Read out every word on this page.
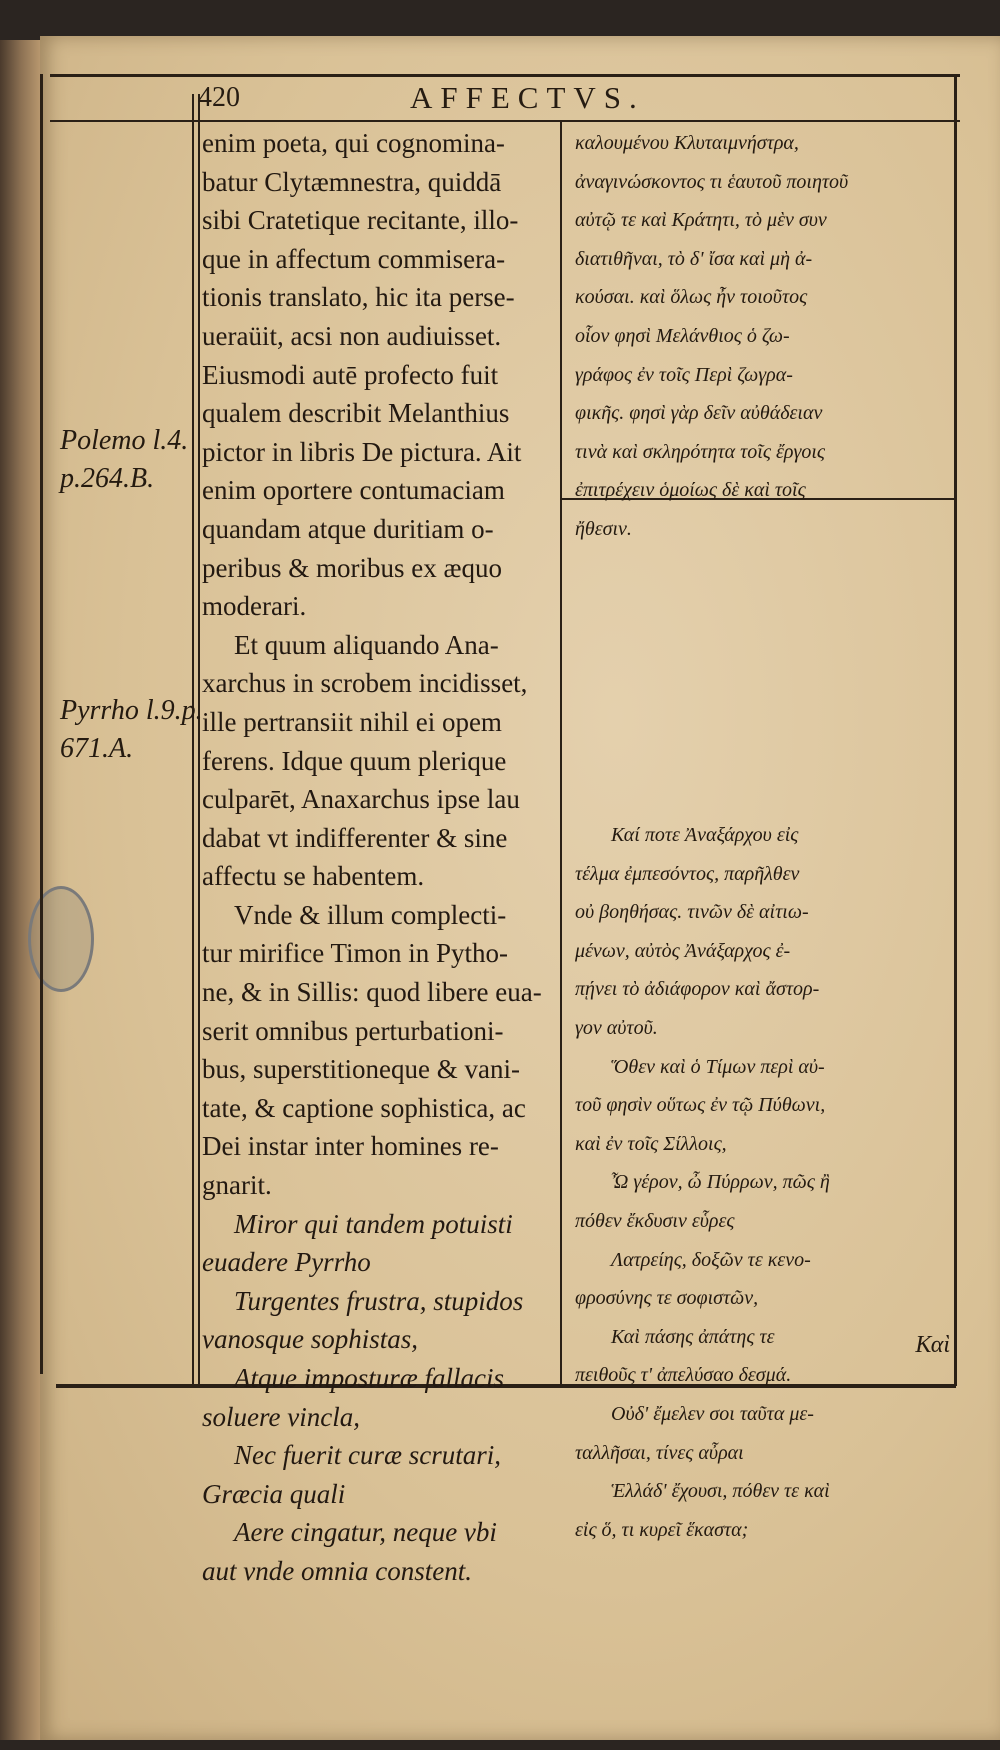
420	AFFECTVS.
Polemo l.4.
p.264.B.
Pyrrho l.9.p.
671.A.

enim poeta, qui cognomina-

batur Clytæmnestra, quiddā

sibi Cratetique recitante, illo-

que in affectum commisera-

tionis translato, hic ita perse-

ueraüit, acsi non audiuisset.

Eiusmodi autē profecto fuit

qualem describit Melanthius

pictor in libris De pictura. Ait

enim oportere contumaciam

quandam atque duritiam o-

peribus & moribus ex æquo

moderari.

Et quum aliquando Ana-

xarchus in scrobem incidisset,

ille pertransiit nihil ei opem

ferens. Idque quum plerique

culparēt, Anaxarchus ipse lau

dabat vt indifferenter & sine

affectu se habentem.

Vnde & illum complecti-

tur mirifice Timon in Pytho-

ne, & in Sillis: quod libere eua-

serit omnibus perturbationi-

bus, superstitioneque & vani-

tate, & captione sophistica, ac

Dei instar inter homines re-

gnarit.

Miror qui tandem potuisti

euadere Pyrrho

Turgentes frustra, stupidos

vanosque sophistas,

Atque imposturæ fallacis

soluere vincla,

Nec fuerit curæ scrutari,

Græcia quali

Aere cingatur, neque vbi

aut vnde omnia constent.

καλουμένου Κλυταιμνήστρα,

ἀναγινώσκοντος τι ἑαυτοῦ ποιητοῦ

αὐτῷ τε καὶ Κράτητι, τὸ μὲν συν

διατιθῆναι, τὸ δ' ἴσα καὶ μὴ ἀ-

κούσαι. καὶ ὅλως ἦν τοιοῦτος

οἷον φησὶ Μελάνθιος ὁ ζω-

γράφος ἐν τοῖς Περὶ ζωγρα-

φικῆς. φησὶ γὰρ δεῖν αὐθάδειαν

τινὰ καὶ σκληρότητα τοῖς ἔργοις

ἐπιτρέχειν ὁμοίως δὲ καὶ τοῖς

ἤθεσιν.

Καί ποτε Ἀναξάρχου εἰς

τέλμα ἐμπεσόντος, παρῆλθεν

οὐ βοηθήσας. τινῶν δὲ αἰτιω-

μένων, αὐτὸς Ἀνάξαρχος ἐ-

πῄνει τὸ ἀδιάφορον καὶ ἄστορ-

γον αὐτοῦ.

Ὅθεν καὶ ὁ Τίμων περὶ αὐ-

τοῦ φησὶν οὕτως ἐν τῷ Πύθωνι,

καὶ ἐν τοῖς Σίλλοις,

Ὦ γέρον, ὦ Πύρρων, πῶς ἢ

πόθεν ἔκδυσιν εὗρες

Λατρείης, δοξῶν τε κενο-

φροσύνης τε σοφιστῶν,

Καὶ πάσης ἀπάτης τε

πειθοῦς τ' ἀπελύσαο δεσμά.

Οὐδ' ἔμελεν σοι ταῦτα με-

ταλλῆσαι, τίνες αὖραι

Ἑλλάδ' ἔχουσι, πόθεν τε καὶ

εἰς ὅ, τι κυρεῖ ἕκαστα;

Καὶ
